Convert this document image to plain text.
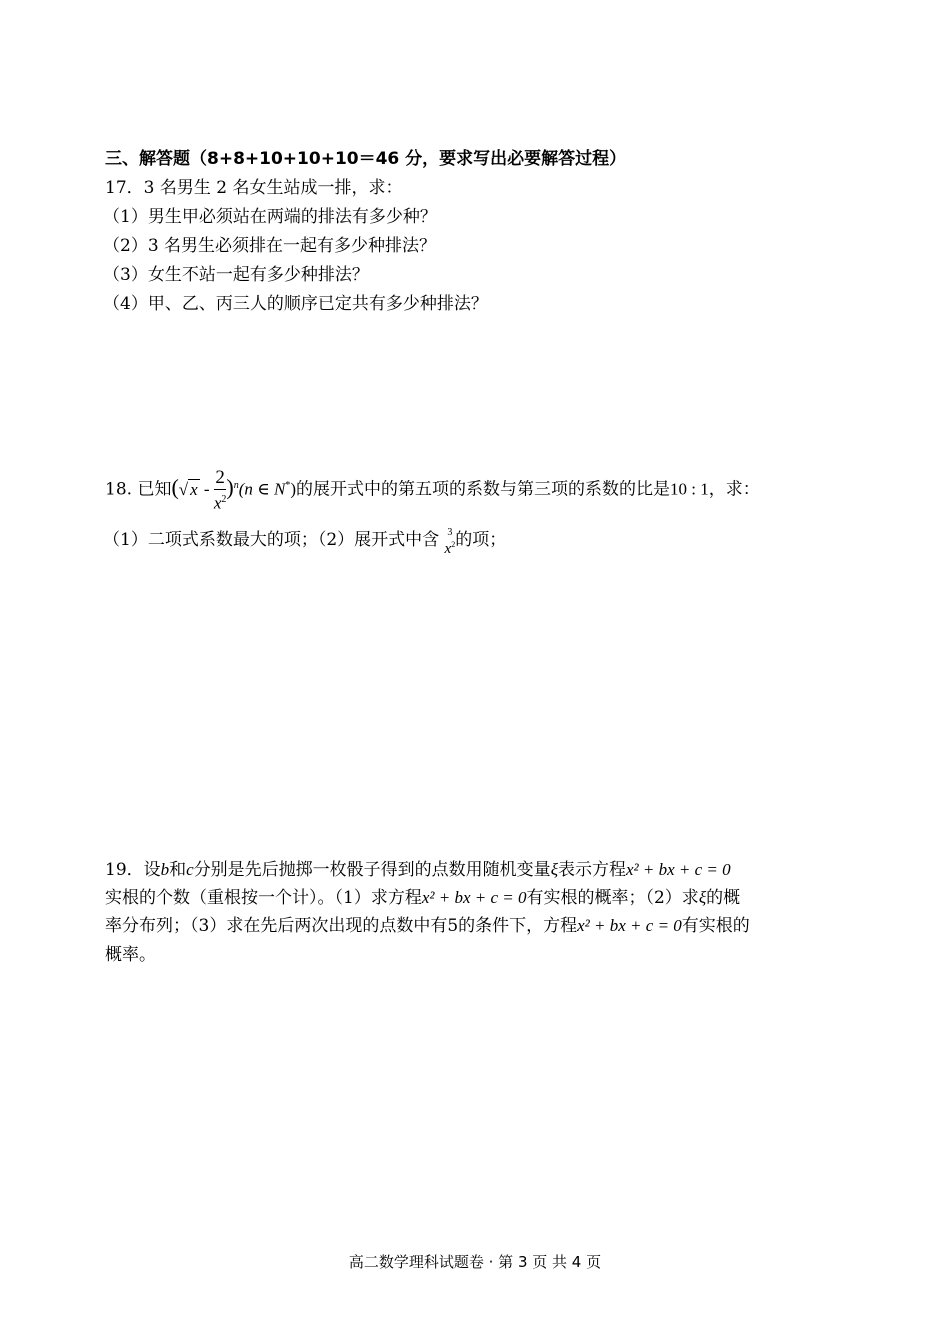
三、解答题（8+8+10+10+10＝46 分，要求写出必要解答过程）
17．3 名男生 2 名女生站成一排，求：
（1）男生甲必须站在两端的排法有多少种？
（2）3 名男生必须排在一起有多少种排法？
（3）女生不站一起有多少种排法？
（4）甲、乙、丙三人的顺序已定共有多少种排法？
18. 已知(√ x - $\frac{2}{x^2} )^n(n$ ∈ N*)的展开式中的第五项的系数与第三项的系数的比是10 : 1，求：
（1）二项式系数最大的项；（2）展开式中含 3
$x^2$ 的项；
19．设b和c分别是先后抛掷一枚骰子得到的点数用随机变量ξ表示方程x² + bx + c = 0
实根的个数（重根按一个计）。（1）求方程x² + bx + c = 0有实根的概率；（2）求ξ的概
率分布列；（3）求在先后两次出现的点数中有5的条件下，方程x² + bx + c = 0有实根的
概率。
高二数学理科试题卷 · 第 3 页 共 4 页
